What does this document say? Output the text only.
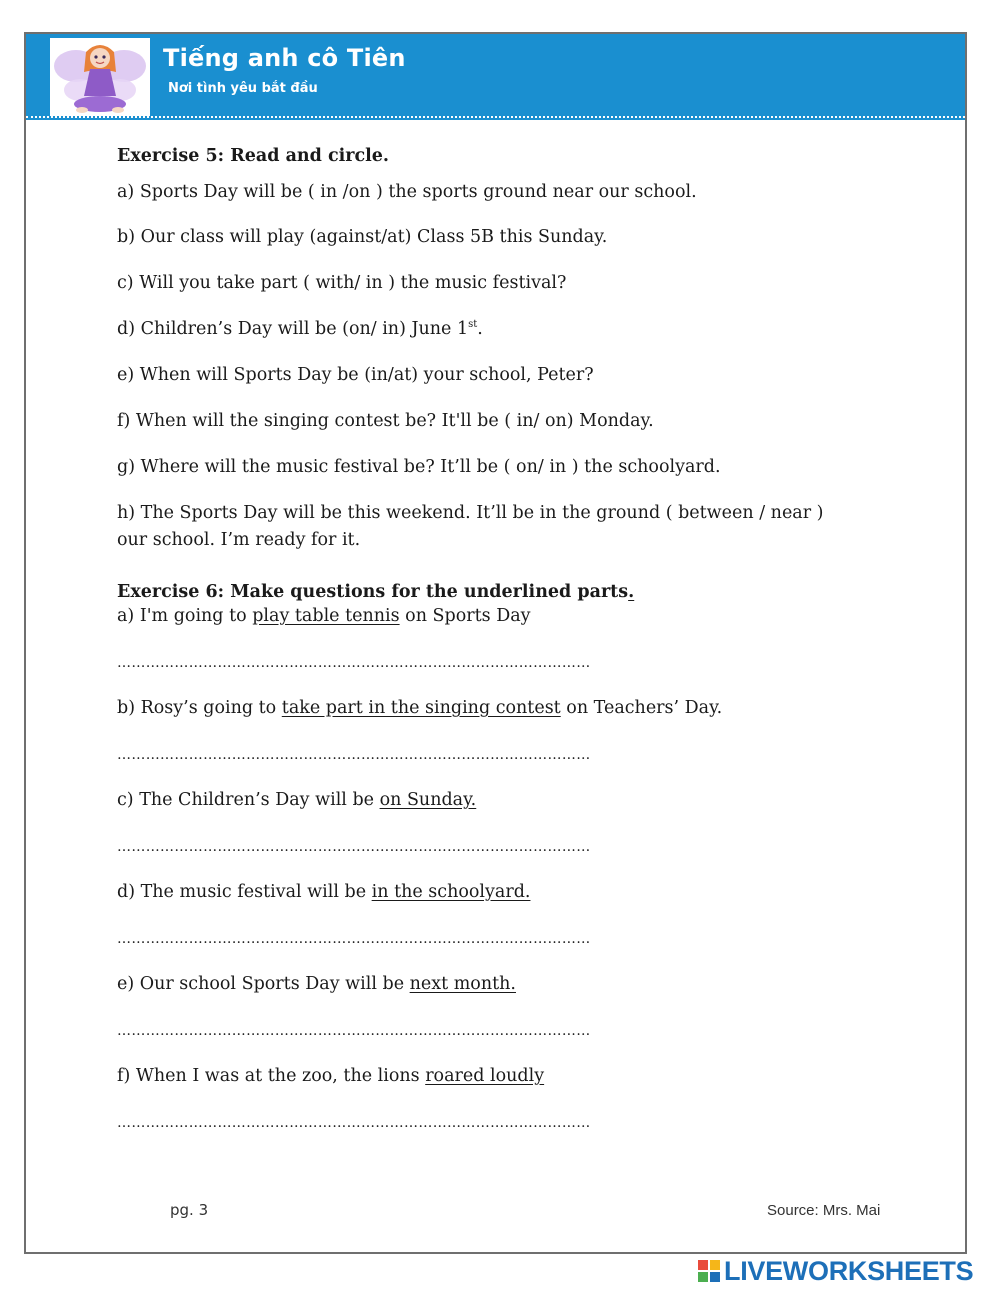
Tiếng anh cô Tiên
Nơi tình yêu bắt đầu
Exercise 5: Read and circle.
a) Sports Day will be ( in /on ) the sports ground near our school.
b) Our class will play (against/at) Class 5B this Sunday.
c) Will you take part ( with/ in ) the music festival?
d) Children’s Day will be (on/ in) June 1st.
e) When will Sports Day be (in/at) your school, Peter?
f) When will the singing contest be? It'll be ( in/ on) Monday.
g) Where will the music festival be? It’ll be ( on/ in ) the schoolyard.
h) The Sports Day will be this weekend. It’ll be in the ground ( between / near )
our school. I’m ready for it.
Exercise 6: Make questions for the underlined parts.
a) I'm going to play table tennis on Sports Day
………………………………………………………………………………………
b) Rosy’s going to take part in the singing contest on Teachers’ Day.
………………………………………………………………………………………
c) The Children’s Day will be on Sunday.
………………………………………………………………………………………
d) The music festival will be in the schoolyard.
………………………………………………………………………………………
e) Our school Sports Day will be next month.
………………………………………………………………………………………
f) When I was at the zoo, the lions roared loudly
………………………………………………………………………………………
pg. 3	Source: Mrs. Mai
LIVEWORKSHEETS
